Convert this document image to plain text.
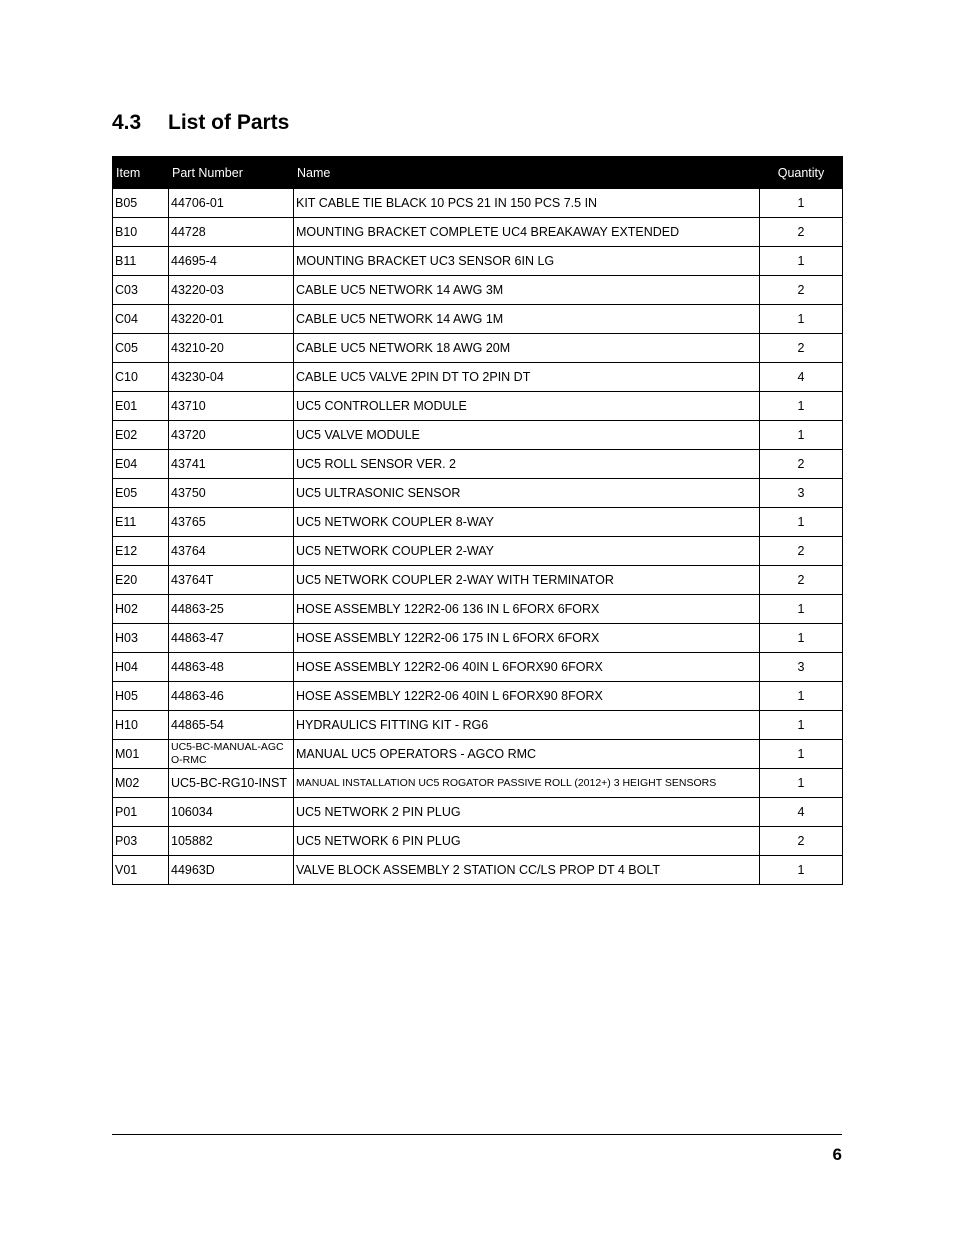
4.3 List of Parts
Item	Part Number	Name	Quantity
B05	44706-01	KIT CABLE TIE BLACK 10 PCS 21 IN 150 PCS 7.5 IN	1
B10	44728	MOUNTING BRACKET COMPLETE UC4 BREAKAWAY EXTENDED	2
B11	44695-4	MOUNTING BRACKET UC3 SENSOR 6IN LG	1
C03	43220-03	CABLE UC5 NETWORK 14 AWG 3M	2
C04	43220-01	CABLE UC5 NETWORK 14 AWG 1M	1
C05	43210-20	CABLE UC5 NETWORK 18 AWG 20M	2
C10	43230-04	CABLE UC5 VALVE 2PIN DT TO 2PIN DT	4
E01	43710	UC5 CONTROLLER MODULE	1
E02	43720	UC5 VALVE MODULE	1
E04	43741	UC5 ROLL SENSOR VER. 2	2
E05	43750	UC5 ULTRASONIC SENSOR	3
E11	43765	UC5 NETWORK COUPLER 8-WAY	1
E12	43764	UC5 NETWORK COUPLER 2-WAY	2
E20	43764T	UC5 NETWORK COUPLER 2-WAY WITH TERMINATOR	2
H02	44863-25	HOSE ASSEMBLY 122R2-06 136 IN L 6FORX 6FORX	1
H03	44863-47	HOSE ASSEMBLY 122R2-06 175 IN L 6FORX 6FORX	1
H04	44863-48	HOSE ASSEMBLY 122R2-06 40IN L 6FORX90 6FORX	3
H05	44863-46	HOSE ASSEMBLY 122R2-06 40IN L 6FORX90 8FORX	1
H10	44865-54	HYDRAULICS FITTING KIT - RG6	1
M01	UC5-BC-MANUAL-AGCO-RMC	MANUAL UC5 OPERATORS - AGCO RMC	1
M02	UC5-BC-RG10-INST	MANUAL INSTALLATION UC5 ROGATOR PASSIVE ROLL (2012+) 3 HEIGHT SENSORS	1
P01	106034	UC5 NETWORK 2 PIN PLUG	4
P03	105882	UC5 NETWORK 6 PIN PLUG	2
V01	44963D	VALVE BLOCK ASSEMBLY 2 STATION CC/LS PROP DT 4 BOLT	1
6
